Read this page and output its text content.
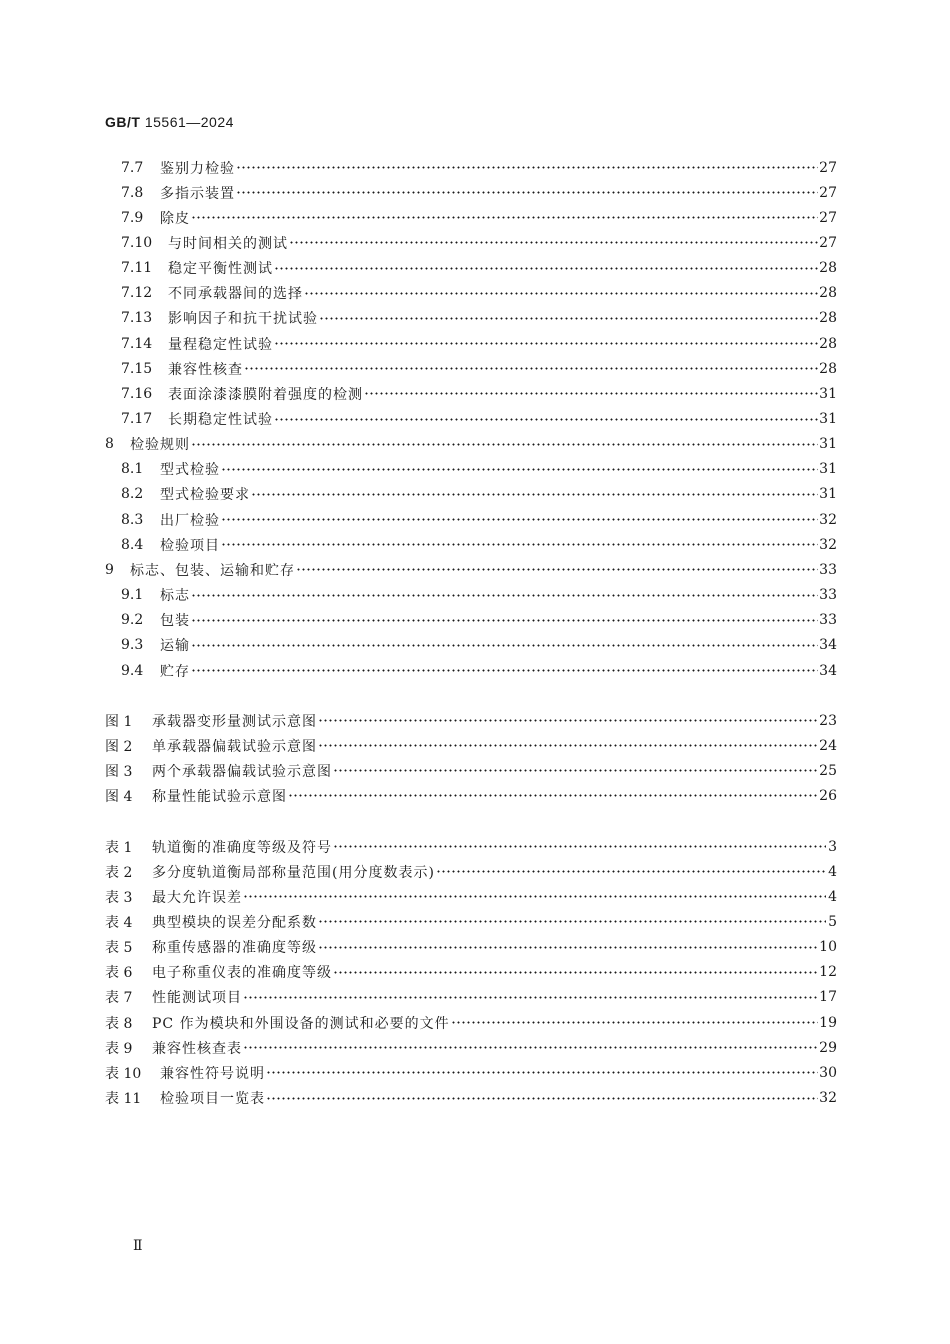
GB/T 15561—2024
7.7	鉴别力检验	27
7.8	多指示装置	27
7.9	除皮	27
7.10	与时间相关的测试	27
7.11	稳定平衡性测试	28
7.12	不同承载器间的选择	28
7.13	影响因子和抗干扰试验	28
7.14	量程稳定性试验	28
7.15	兼容性核查	28
7.16	表面涂漆漆膜附着强度的检测	31
7.17	长期稳定性试验	31
8	检验规则	31
8.1	型式检验	31
8.2	型式检验要求	31
8.3	出厂检验	32
8.4	检验项目	32
9	标志、包装、运输和贮存	33
9.1	标志	33
9.2	包装	33
9.3	运输	34
9.4	贮存	34
图 1	承载器变形量测试示意图	23
图 2	单承载器偏载试验示意图	24
图 3	两个承载器偏载试验示意图	25
图 4	称量性能试验示意图	26
表 1	轨道衡的准确度等级及符号	3
表 2	多分度轨道衡局部称量范围(用分度数表示)	4
表 3	最大允许误差	4
表 4	典型模块的误差分配系数	5
表 5	称重传感器的准确度等级	10
表 6	电子称重仪表的准确度等级	12
表 7	性能测试项目	17
表 8	PC 作为模块和外围设备的测试和必要的文件	19
表 9	兼容性核查表	29
表 10	兼容性符号说明	30
表 11	检验项目一览表	32
Ⅱ
